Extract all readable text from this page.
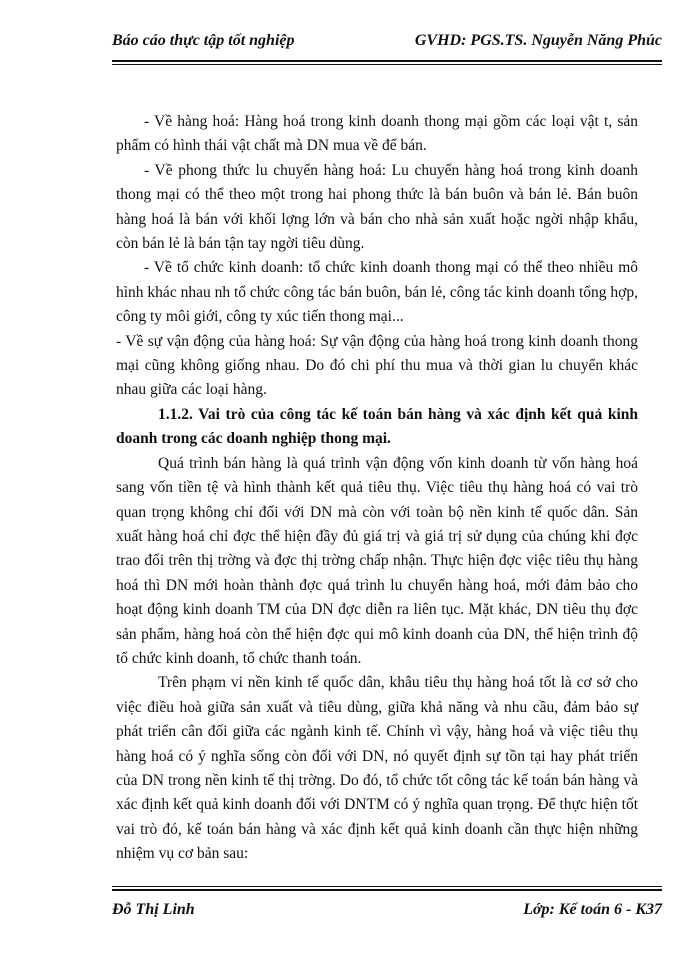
Báo cáo thực tập tốt nghiệp	GVHD: PGS.TS. Nguyễn Năng Phúc

- Về hàng hoá: Hàng hoá trong kinh doanh thong mại gồm các loại vật t, sản phẩm có hình thái vật chất mà DN mua về để bán.

- Về phong thức lu chuyển hàng hoá: Lu chuyển hàng hoá trong kinh doanh thong mại có thể theo một trong hai phong thức là bán buôn và bán lẻ. Bán buôn hàng hoá là bán với khối lợng lớn và bán cho nhà sản xuất hoặc ngời nhập khẩu, còn bán lẻ là bán tận tay ngời tiêu dùng.

- Về tổ chức kinh doanh: tổ chức kinh doanh thong mại có thể theo nhiều mô hình khác nhau nh tổ chức công tác bán buôn, bán lẻ, công tác kinh doanh tổng hợp, công ty môi giới, công ty xúc tiến thong mại...

- Về sự vận động của hàng hoá: Sự vận động của hàng hoá trong kinh doanh thong mại cũng không giống nhau. Do đó chi phí thu mua và thời gian lu chuyển khác nhau giữa các loại hàng.

1.1.2. Vai trò của công tác kế toán bán hàng và xác định kết quả kinh doanh trong các doanh nghiệp thong mại.

Quá trình bán hàng là quá trình vận động vốn kinh doanh từ vốn hàng hoá sang vốn tiền tệ và hình thành kết quả tiêu thụ. Việc tiêu thụ hàng hoá có vai trò quan trọng không chỉ đối với DN mà còn với toàn bộ nền kinh tế quốc dân. Sản xuất hàng hoá chỉ đợc thể hiện đầy đủ giá trị và giá trị sử dụng của chúng khi đợc trao đổi trên thị trờng và đợc thị trờng chấp nhận. Thực hiện đợc việc tiêu thụ hàng hoá thì DN mới hoàn thành đợc quá trình lu chuyển hàng hoá, mới đảm bảo cho hoạt động kinh doanh TM của DN đợc diễn ra liên tục. Mặt khác, DN tiêu thụ đợc sản phẩm, hàng hoá còn thể hiện đợc qui mô kinh doanh của DN, thể hiện trình độ tổ chức kinh doanh, tổ chức thanh toán.

Trên phạm vi nền kinh tế quốc dân, khâu tiêu thụ hàng hoá tốt là cơ sở cho việc điều hoà giữa sản xuất và tiêu dùng, giữa khả năng và nhu cầu, đảm bảo sự phát triển cân đối giữa các ngành kinh tế. Chính vì vậy, hàng hoá và việc tiêu thụ hàng hoá có ý nghĩa sống còn đối với DN, nó quyết định sự tồn tại hay phát triển của DN trong nền kinh tế thị trờng. Do đó, tổ chức tốt công tác kế toán bán hàng và xác định kết quả kinh doanh đối với DNTM có ý nghĩa quan trọng. Để thực hiện tốt vai trò đó, kế toán bán hàng và xác định kết quả kinh doanh cần thực hiện những nhiệm vụ cơ bản sau:

Đỗ Thị Linh	Lớp: Kế toán 6 - K37
